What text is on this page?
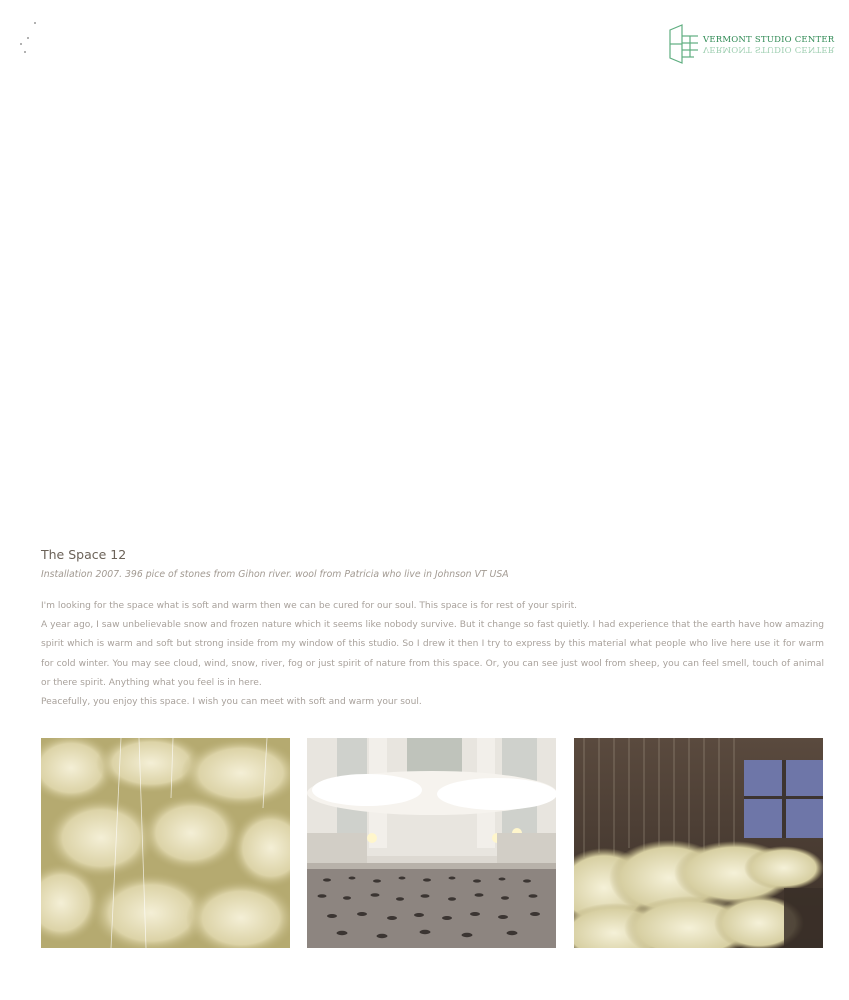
VERMONT STUDIO CENTER
VERMONT STUDIO CENTER
The Space 12
Installation 2007. 396 pice of stones from Gihon river. wool from Patricia who live in Johnson VT USA

I'm looking for the space what is soft and warm then we can be cured for our soul. This space is for rest of your spirit.

A year ago, I saw unbelievable snow and frozen nature which it seems like nobody survive. But it change so fast quietly. I had experience that the earth have how amazing spirit which is warm and soft but strong inside from my window of this studio. So I drew it then I try to express by this material what people who live here use it for warm for cold winter. You may see cloud, wind, snow, river, fog or just spirit of nature from this space. Or, you can see just wool from sheep, you can feel smell, touch of animal or there spirit. Anything what you feel is in here.

Peacefully, you enjoy this space. I wish you can meet with soft and warm your soul.
